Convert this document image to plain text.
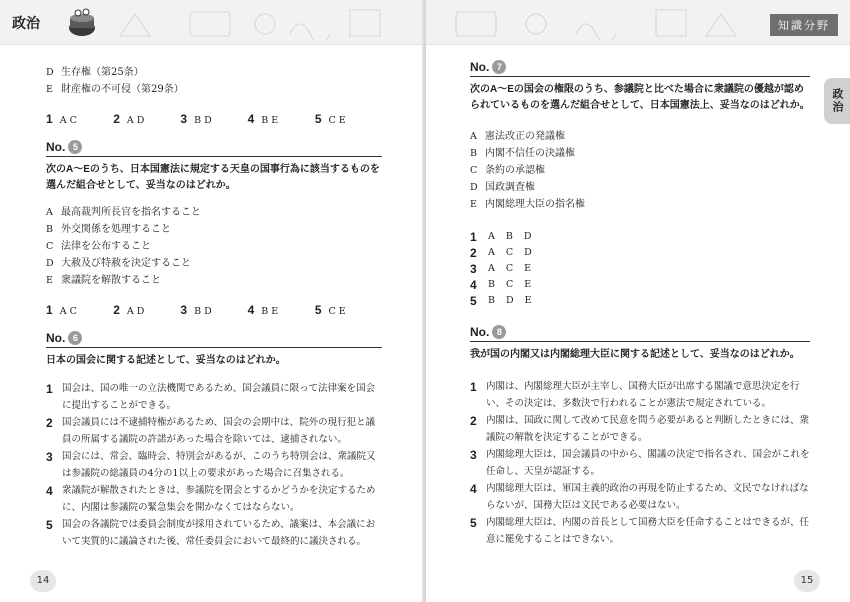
政治
D 生存権（第25条）
E 財産権の不可侵（第29条）
1 A C	2 A D	3 B D	4 B E	5 C E
No. 5
次のA～Eのうち、日本国憲法に規定する天皇の国事行為に該当するものを選んだ組合せとして、妥当なのはどれか。
A 最高裁判所長官を指名すること
B 外交関係を処理すること
C 法律を公布すること
D 大赦及び特赦を決定すること
E 衆議院を解散すること
1 A C	2 A D	3 B D	4 B E	5 C E
No. 6
日本の国会に関する記述として、妥当なのはどれか。
1 国会は、国の唯一の立法機関であるため、国会議員に限って法律案を国会に提出することができる。
2 国会議員には不逮捕特権があるため、国会の会期中は、院外の現行犯と議員の所属する議院の許諾があった場合を除いては、逮捕されない。
3 国会には、常会、臨時会、特別会があるが、このうち特別会は、衆議院又は参議院の総議員の4分の1以上の要求があった場合に召集される。
4 衆議院が解散されたときは、参議院を閉会とするかどうかを決定するために、内閣は参議院の緊急集会を開かなくてはならない。
5 国会の各議院では委員会制度が採用されているため、議案は、本会議において実質的に議論された後、常任委員会において最終的に議決される。
14
知識分野
政治
No. 7
次のA～Eの国会の権限のうち、参議院と比べた場合に衆議院の優越が認められているものを選んだ組合せとして、日本国憲法上、妥当なのはどれか。
A 憲法改正の発議権
B 内閣不信任の決議権
C 条約の承認権
D 国政調査権
E 内閣総理大臣の指名権
1	A B D
2	A C D
3	A C E
4	B C E
5	B D E
No. 8
我が国の内閣又は内閣総理大臣に関する記述として、妥当なのはどれか。
1 内閣は、内閣総理大臣が主宰し、国務大臣が出席する閣議で意思決定を行い、その決定は、多数決で行われることが憲法で規定されている。
2 内閣は、国政に関して改めて民意を問う必要があると判断したときには、衆議院の解散を決定することができる。
3 内閣総理大臣は、国会議員の中から、閣議の決定で指名され、国会がこれを任命し、天皇が認証する。
4 内閣総理大臣は、軍国主義的政治の再現を防止するため、文民でなければならないが、国務大臣は文民である必要はない。
5 内閣総理大臣は、内閣の首長として国務大臣を任命することはできるが、任意に罷免することはできない。
15
